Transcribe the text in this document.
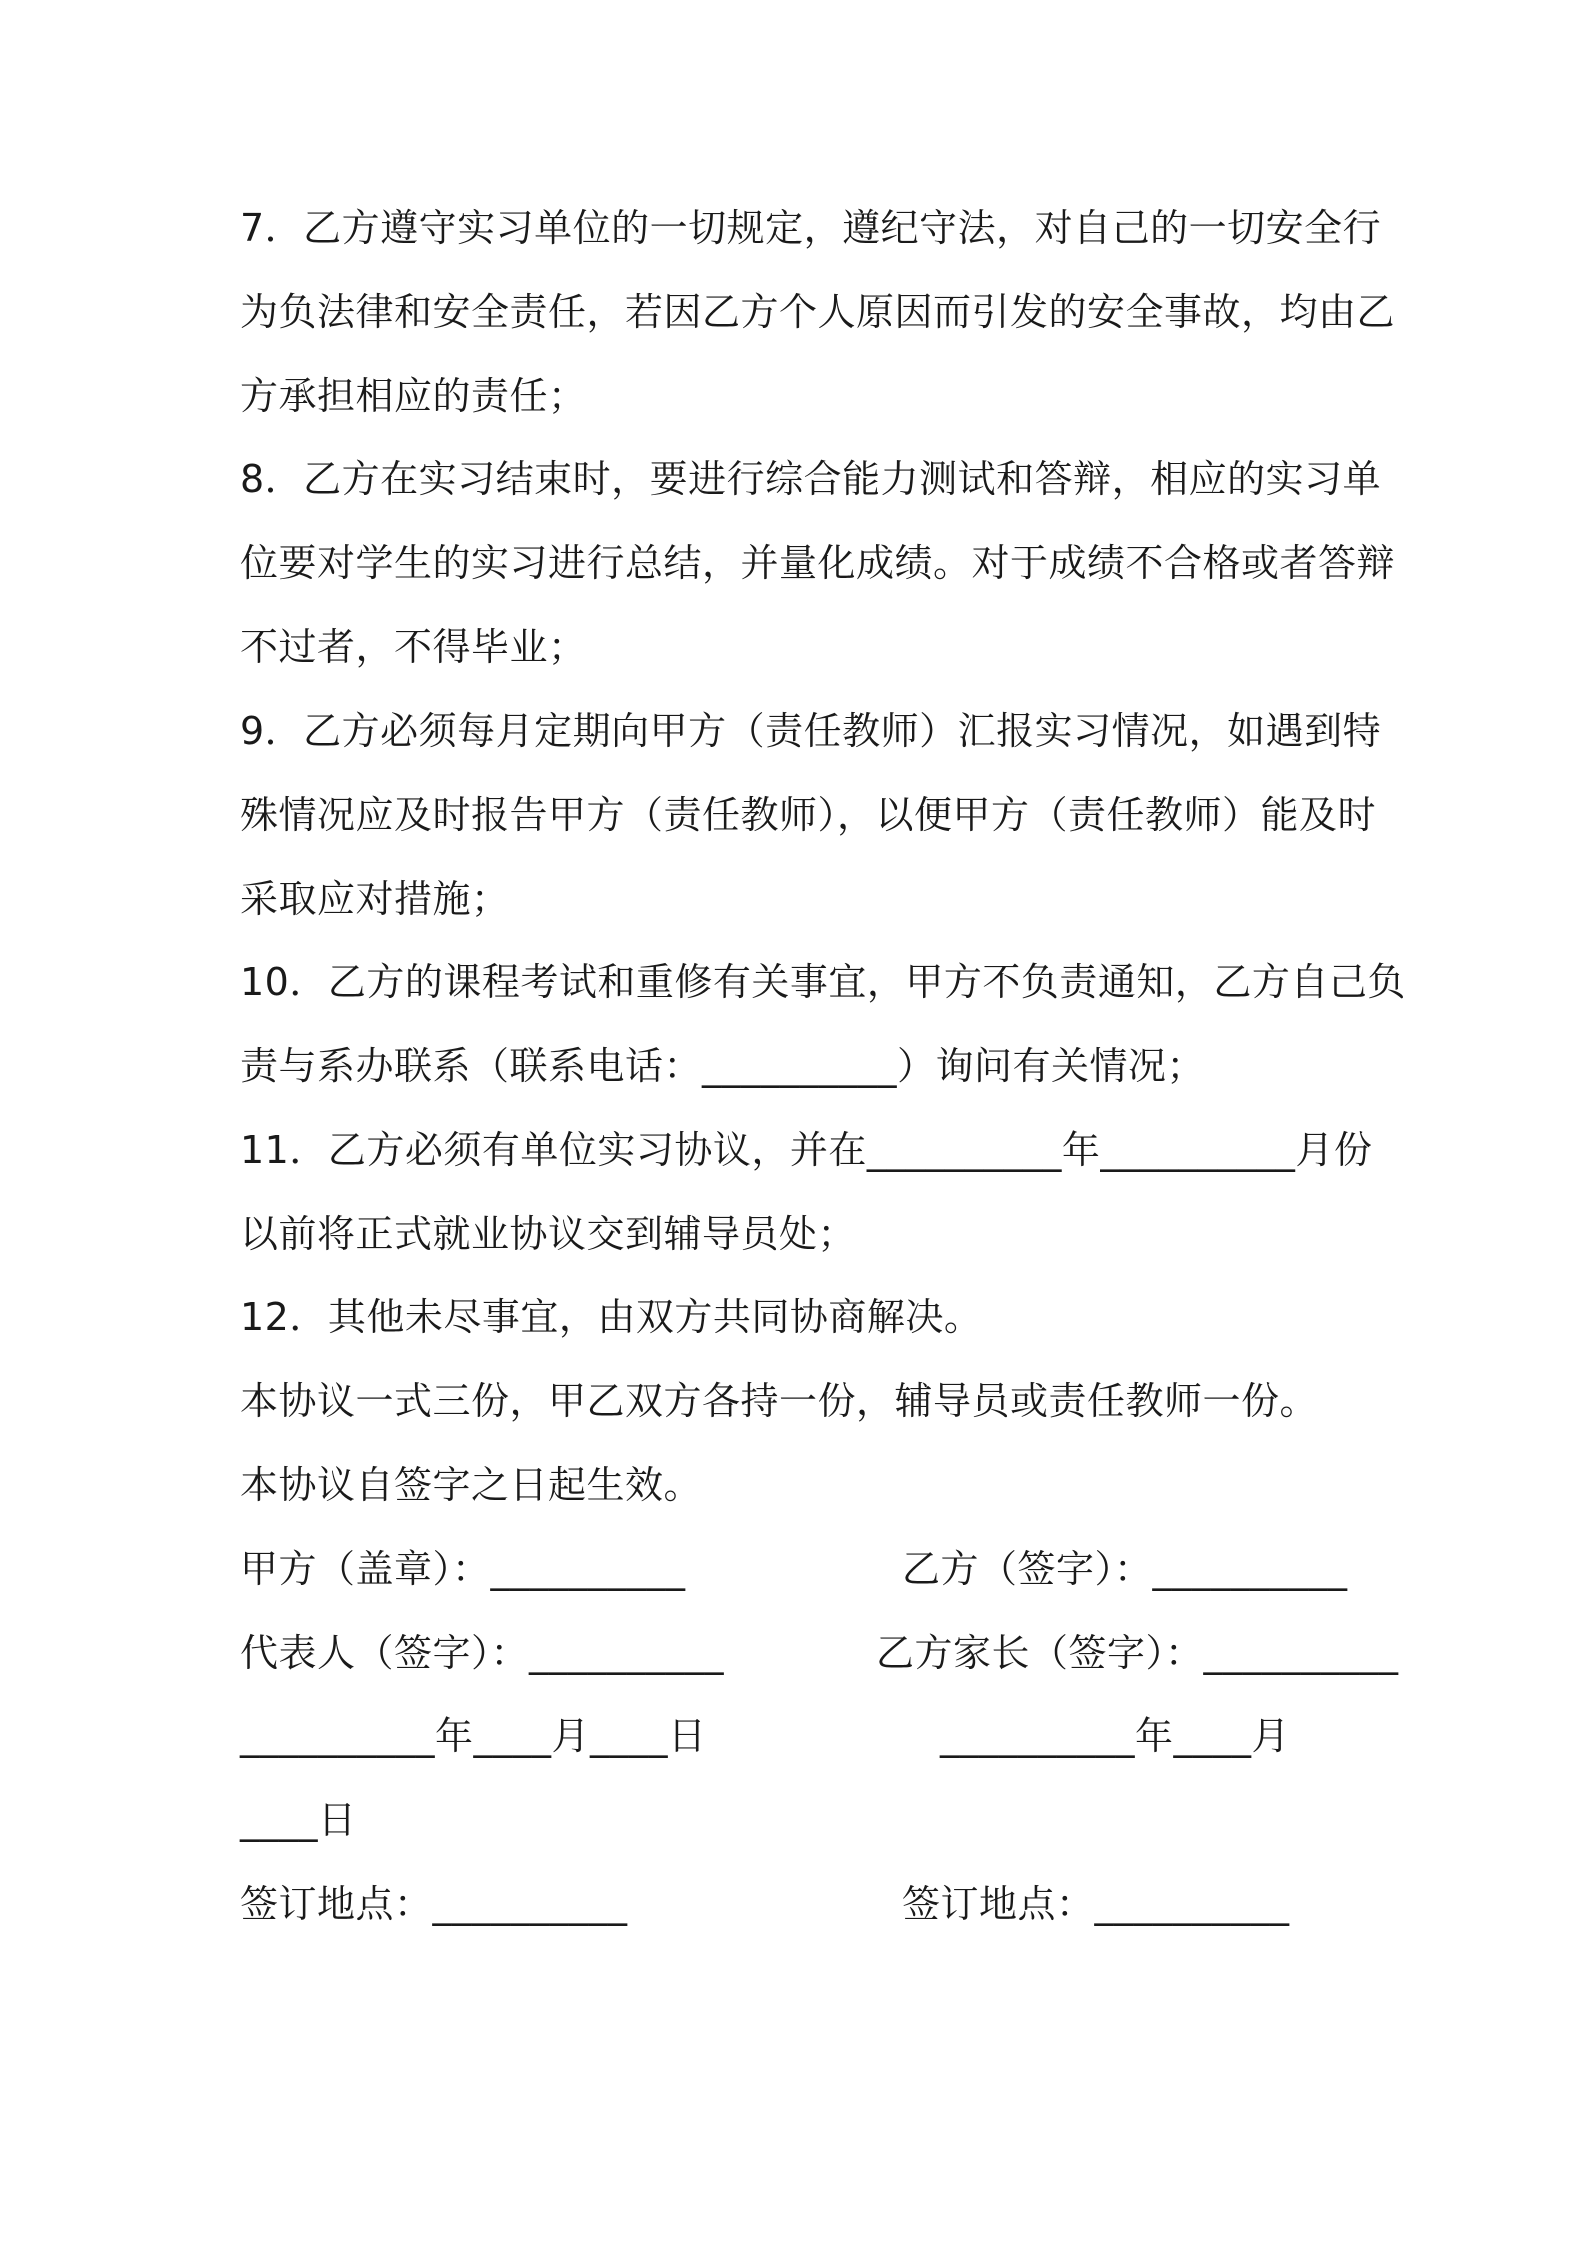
7．乙方遵守实习单位的一切规定，遵纪守法，对自己的一切安全行
为负法律和安全责任，若因乙方个人原因而引发的安全事故，均由乙
方承担相应的责任；
8．乙方在实习结束时，要进行综合能力测试和答辩，相应的实习单
位要对学生的实习进行总结，并量化成绩。对于成绩不合格或者答辩
不过者，不得毕业；
9．乙方必须每月定期向甲方（责任教师）汇报实习情况，如遇到特
殊情况应及时报告甲方（责任教师），以便甲方（责任教师）能及时
采取应对措施；
10．乙方的课程考试和重修有关事宜，甲方不负责通知，乙方自己负
责与系办联系（联系电话：__________）询问有关情况；
11．乙方必须有单位实习协议，并在__________年__________月份
以前将正式就业协议交到辅导员处；
12．其他未尽事宜，由双方共同协商解决。
本协议一式三份，甲乙双方各持一份，辅导员或责任教师一份。
本协议自签字之日起生效。
甲方（盖章）：__________	乙方（签字）：__________
代表人（签字）：__________	乙方家长（签字）：__________
__________年____月____日	__________年____月
____日
签订地点：__________	签订地点：__________
